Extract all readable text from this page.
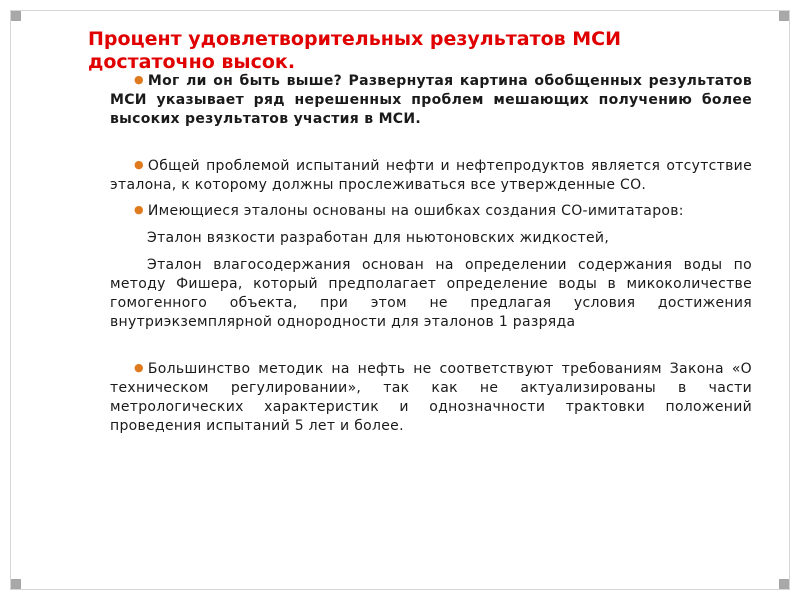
Процент удовлетворительных результатов МСИ
достаточно высок.

● Мог ли он быть выше? Развернутая картина обобщенных результатов МСИ указывает ряд нерешенных проблем мешающих получению более высоких результатов участия в МСИ.

● Общей проблемой испытаний нефти и нефтепродуктов является отсутствие эталона, к которому должны прослеживаться все утвержденные СО.

● Имеющиеся эталоны основаны на ошибках создания СО-имитатаров:

Эталон вязкости разработан для ньютоновских жидкостей,

Эталон влагосодержания основан на определении содержания воды по методу Фишера, который предполагает определение воды в микоколичестве гомогенного объекта, при этом не предлагая условия достижения внутриэкземплярной однородности для эталонов 1 разряда

● Большинство методик на нефть не соответствуют требованиям Закона «О техническом регулировании», так как не актуализированы в части метрологических характеристик и однозначности трактовки положений проведения испытаний 5 лет и более.
